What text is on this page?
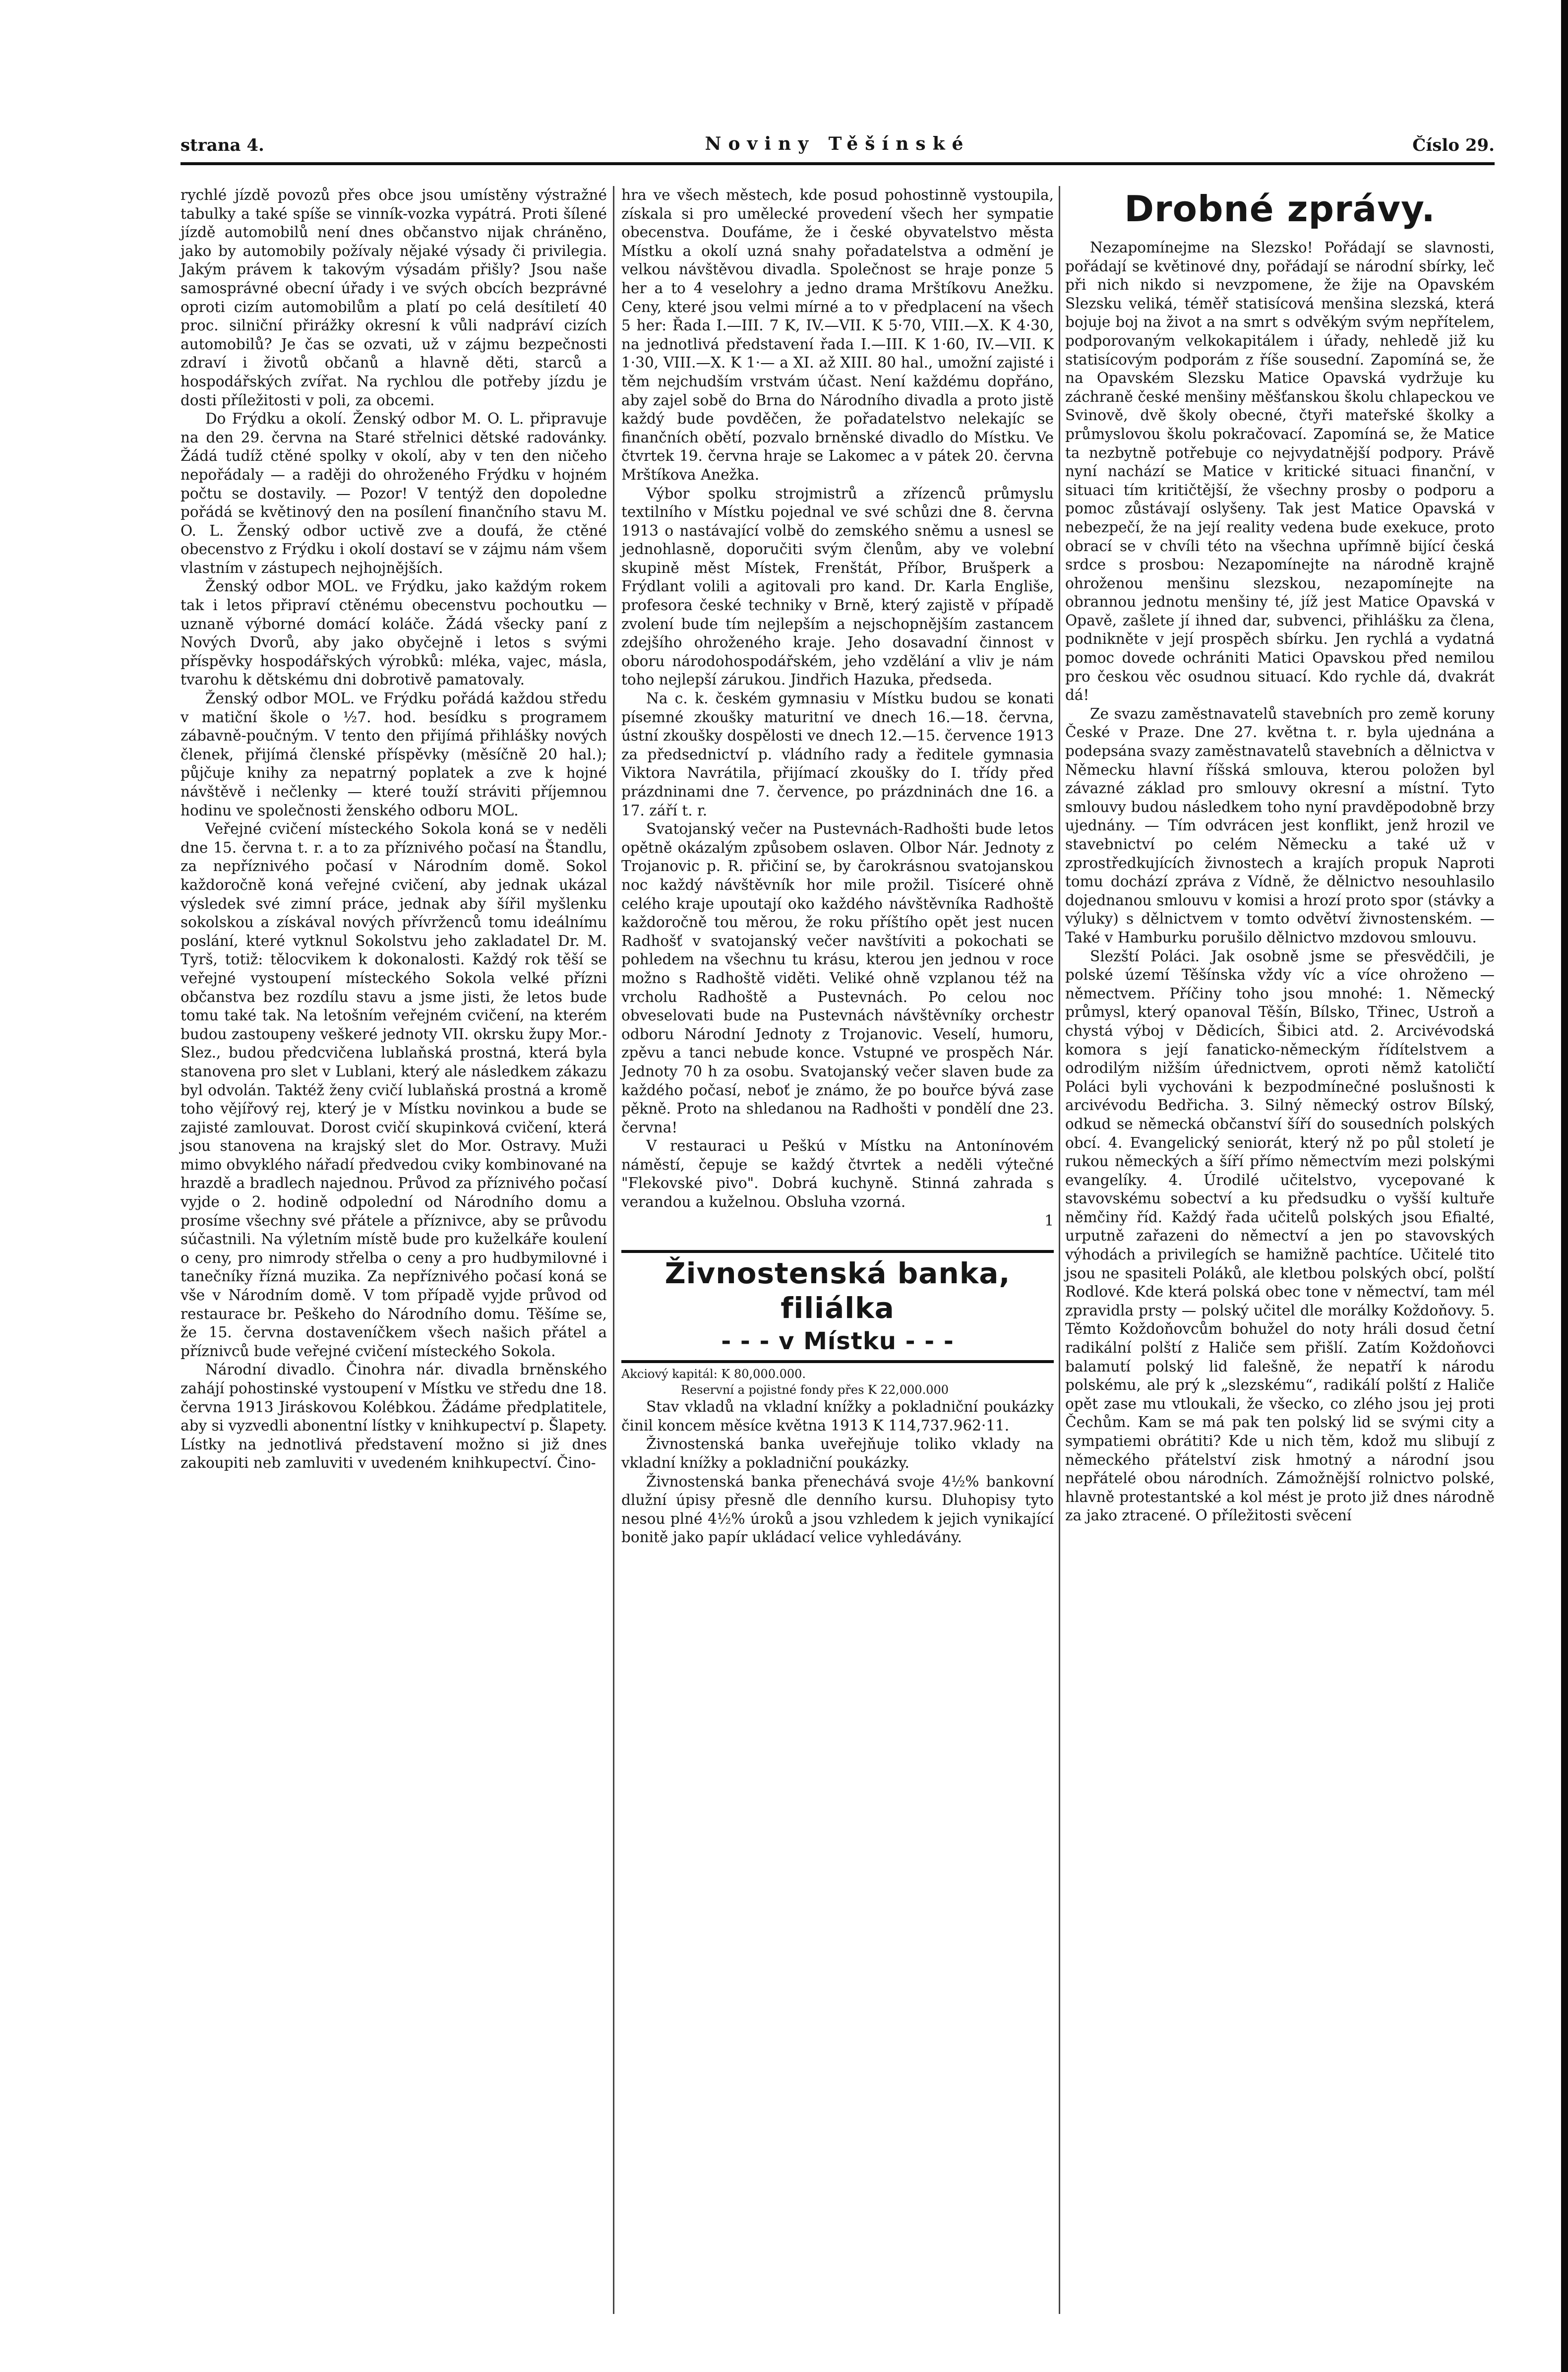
strana 4.	Noviny Těšínské	Číslo 29.

rychlé jízdě povozů přes obce jsou umístěny výstražné tabulky a také spíše se vinník-vozka vypátrá. Proti šílené jízdě automobilů není dnes občanstvo nijak chráněno, jako by automobily požívaly nějaké výsady či privilegia. Jakým právem k takovým výsadám přišly? Jsou naše samosprávné obecní úřady i ve svých obcích bezprávné oproti cizím automobilům a platí po celá desítiletí 40 proc. silniční přirážky okresní k vůli nadpráví cizích automobilů? Je čas se ozvati, už v zájmu bezpečnosti zdraví i životů občanů a hlavně děti, starců a hospodářských zvířat. Na rychlou dle potřeby jízdu je dosti příležitosti v poli, za obcemi.

Do Frýdku a okolí. Ženský odbor M. O. L. připravuje na den 29. června na Staré střelnici dětské radovánky. Žádá tudíž ctěné spolky v okolí, aby v ten den ničeho nepořádaly — a raději do ohroženého Frýdku v hojném počtu se dostavily. — Pozor! V tentýž den dopoledne pořádá se květinový den na posílení finančního stavu M. O. L. Ženský odbor uctivě zve a doufá, že ctěné obecenstvo z Frýdku i okolí dostaví se v zájmu nám všem vlastním v zástupech nejhojnějších.

Ženský odbor MOL. ve Frýdku, jako každým rokem tak i letos připraví ctěnému obecenstvu pochoutku — uznaně výborné domácí koláče. Žádá všecky paní z Nových Dvorů, aby jako obyčejně i letos s svými příspěvky hospodářských výrobků: mléka, vajec, másla, tvarohu k dětskému dni dobrotivě pamatovaly.

Ženský odbor MOL. ve Frýdku pořádá každou středu v matiční škole o ½7. hod. besídku s programem zábavně-poučným. V tento den přijímá přihlášky nových členek, přijímá členské příspěvky (měsíčně 20 hal.); půjčuje knihy za nepatrný poplatek a zve k hojné návštěvě i nečlenky — které touží stráviti příjemnou hodinu ve společnosti ženského odboru MOL.

Veřejné cvičení místeckého Sokola koná se v neděli dne 15. června t. r. a to za příznivého počasí na Štandlu, za nepříznivého počasí v Národním domě. Sokol každoročně koná veřejné cvičení, aby jednak ukázal výsledek své zimní práce, jednak aby šířil myšlenku sokolskou a získával nových přívrženců tomu ideálnímu poslání, které vytknul Sokolstvu jeho zakladatel Dr. M. Tyrš, totiž: tělocvikem k dokonalosti. Každý rok těší se veřejné vystoupení místeckého Sokola velké přízni občanstva bez rozdílu stavu a jsme jisti, že letos bude tomu také tak. Na letošním veřejném cvičení, na kterém budou zastoupeny veškeré jednoty VII. okrsku župy Mor.-Slez., budou předcvičena lublaňská prostná, která byla stanovena pro slet v Lublani, který ale následkem zákazu byl odvolán. Taktéž ženy cvičí lublaňská prostná a kromě toho vějířový rej, který je v Místku novinkou a bude se zajisté zamlouvat. Dorost cvičí skupinková cvičení, která jsou stanovena na krajský slet do Mor. Ostravy. Muži mimo obvyklého nářadí předvedou cviky kombinované na hrazdě a bradlech najednou. Průvod za příznivého počasí vyjde o 2. hodině odpolední od Národního domu a prosíme všechny své přátele a příznivce, aby se průvodu súčastnili. Na výletním místě bude pro kuželkáře koulení o ceny, pro nimrody střelba o ceny a pro hudbymilovné i tanečníky řízná muzika. Za nepříznivého počasí koná se vše v Národním domě. V tom případě vyjde průvod od restaurace br. Peškeho do Národního domu. Těšíme se, že 15. června dostaveníčkem všech našich přátel a příznivců bude veřejné cvičení místeckého Sokola.

Národní divadlo. Činohra nár. divadla brněnského zahájí pohostinské vystoupení v Místku ve středu dne 18. června 1913 Jiráskovou Kolébkou. Žádáme předplatitele, aby si vyzvedli abonentní lístky v knihkupectví p. Šlapety. Lístky na jednotlivá představení možno si již dnes zakoupiti neb zamluviti v uvedeném knihkupectví. Čino-

hra ve všech městech, kde posud pohostinně vystoupila, získala si pro umělecké provedení všech her sympatie obecenstva. Doufáme, že i české obyvatelstvo města Místku a okolí uzná snahy pořadatelstva a odmění je velkou návštěvou divadla. Společnost se hraje ponze 5 her a to 4 veselohry a jedno drama Mrštíkovu Anežku. Ceny, které jsou velmi mírné a to v předplacení na všech 5 her: Řada I.—III. 7 K, IV.—VII. K 5·70, VIII.—X. K 4·30, na jednotlivá představení řada I.—III. K 1·60, IV.—VII. K 1·30, VIII.—X. K 1·— a XI. až XIII. 80 hal., umožní zajisté i těm nejchudším vrstvám účast. Není každému dopřáno, aby zajel sobě do Brna do Národního divadla a proto jistě každý bude povděčen, že pořadatelstvo nelekajíc se finančních obětí, pozvalo brněnské divadlo do Místku. Ve čtvrtek 19. června hraje se Lakomec a v pátek 20. června Mrštíkova Anežka.

Výbor spolku strojmistrů a zřízenců průmyslu textilního v Místku pojednal ve své schůzi dne 8. června 1913 o nastávající volbě do zemského sněmu a usnesl se jednohlasně, doporučiti svým členům, aby ve volební skupině měst Místek, Frenštát, Příbor, Brušperk a Frýdlant volili a agitovali pro kand. Dr. Karla Engliše, profesora české techniky v Brně, který zajistě v případě zvolení bude tím nejlepším a nejschopnějším zastancem zdejšího ohroženého kraje. Jeho dosavadní činnost v oboru národohospodářském, jeho vzdělání a vliv je nám toho nejlepší zárukou. Jindřich Hazuka, předseda.

Na c. k. českém gymnasiu v Místku budou se konati písemné zkoušky maturitní ve dnech 16.—18. června, ústní zkoušky dospělosti ve dnech 12.—15. července 1913 za předsednictví p. vládního rady a ředitele gymnasia Viktora Navrátila, přijímací zkoušky do I. třídy před prázdninami dne 7. července, po prázdninách dne 16. a 17. září t. r.

Svatojanský večer na Pustevnách-Radhošti bude letos opětně okázalým způsobem oslaven. Olbor Nár. Jednoty z Trojanovic p. R. přičiní se, by čarokrásnou svatojanskou noc každý návštěvník hor mile prožil. Tisíceré ohně celého kraje upoutají oko každého návštěvníka Radhoště každoročně tou měrou, že roku příštího opět jest nucen Radhošť v svatojanský večer navštíviti a pokochati se pohledem na všechnu tu krásu, kterou jen jednou v roce možno s Radhoště viděti. Veliké ohně vzplanou též na vrcholu Radhoště a Pustevnách. Po celou noc obveselovati bude na Pustevnách návštěvníky orchestr odboru Národní Jednoty z Trojanovic. Veselí, humoru, zpěvu a tanci nebude konce. Vstupné ve prospěch Nár. Jednoty 70 h za osobu. Svatojanský večer slaven bude za každého počasí, neboť je známo, že po bouřce bývá zase pěkně. Proto na shledanou na Radhošti v pondělí dne 23. června!

V restauraci u Peškú v Místku na Antonínovém náměstí, čepuje se každý čtvrtek a neděli výtečné "Flekovské pivo". Dobrá kuchyně. Stinná zahrada s verandou a kuželnou. Obsluha vzorná.

1

Živnostenská banka, filiálka
- - - v Místku - - -

Akciový kapitál: K 80,000.000.

Reservní a pojistné fondy přes K 22,000.000

Stav vkladů na vkladní knížky a pokladniční poukázky činil koncem měsíce května 1913 K 114,737.962·11.

Živnostenská banka uveřejňuje toliko vklady na vkladní knížky a pokladniční poukázky.

Živnostenská banka přenechává svoje 4½% bankovní dlužní úpisy přesně dle denního kursu. Dluhopisy tyto nesou plné 4½% úroků a jsou vzhledem k jejich vynikající bonitě jako papír ukládací velice vyhledávány.

Drobné zprávy.

Nezapomínejme na Slezsko! Pořádají se slavnosti, pořádají se květinové dny, pořádají se národní sbírky, leč při nich nikdo si nevzpomene, že žije na Opavském Slezsku veliká, téměř statisícová menšina slezská, která bojuje boj na život a na smrt s odvěkým svým nepřítelem, podporovaným velkokapitálem i úřady, nehledě již ku statisícovým podporám z říše sousední. Zapomíná se, že na Opavském Slezsku Matice Opavská vydržuje ku záchraně české menšiny měšťanskou školu chlapeckou ve Svinově, dvě školy obecné, čtyři mateřské školky a průmyslovou školu pokračovací. Zapomíná se, že Matice ta nezbytně potřebuje co nejvydatnější podpory. Právě nyní nachází se Matice v kritické situaci finanční, v situaci tím kritičtější, že všechny prosby o podporu a pomoc zůstávají oslyšeny. Tak jest Matice Opavská v nebezpečí, že na její reality vedena bude exekuce, proto obrací se v chvíli této na všechna upřímně bijící česká srdce s prosbou: Nezapomínejte na národně krajně ohroženou menšinu slezskou, nezapomínejte na obrannou jednotu menšiny té, jíž jest Matice Opavská v Opavě, zašlete jí ihned dar, subvenci, přihlášku za člena, podnikněte v její prospěch sbírku. Jen rychlá a vydatná pomoc dovede ochrániti Matici Opavskou před nemilou pro českou věc osudnou situací. Kdo rychle dá, dvakrát dá!

Ze svazu zaměstnavatelů stavebních pro země koruny České v Praze. Dne 27. května t. r. byla ujednána a podepsána svazy zaměstnavatelů stavebních a dělnictva v Německu hlavní říšská smlouva, kterou položen byl závazné základ pro smlouvy okresní a místní. Tyto smlouvy budou následkem toho nyní pravděpodobně brzy ujednány. — Tím odvrácen jest konflikt, jenž hrozil ve stavebnictví po celém Německu a také už v zprostředkujících živnostech a krajích propuk Naproti tomu dochází zpráva z Vídně, že dělnictvo nesouhlasilo dojednanou smlouvu v komisi a hrozí proto spor (stávky a výluky) s dělnictvem v tomto odvětví živnostenském. — Také v Hamburku porušilo dělnictvo mzdovou smlouvu.

Slezští Poláci. Jak osobně jsme se přesvědčili, je polské území Těšínska vždy víc a více ohroženo — němectvem. Příčiny toho jsou mnohé: 1. Německý průmysl, který opanoval Těšín, Bílsko, Třinec, Ustroň a chystá výboj v Dědicích, Šibici atd. 2. Arcivévodská komora s její fanaticko-německým řídítelstvem a odrodilým nižším úřednictvem, oproti němž katoličtí Poláci byli vychováni k bezpodmínečné poslušnosti k arcivévodu Bedřicha. 3. Silný německý ostrov Bílský, odkud se německá občanství šíří do sousedních polských obcí. 4. Evangelický seniorát, který nž po půl století je rukou německých a šíří přímo němectvím mezi polskými evangelíky. 4. Úrodilé učitelstvo, vycepované k stavovskému sobectví a ku předsudku o vyšší kultuře němčiny říd. Každý řada učitelů polských jsou Efialté, urputně zařazeni do němectví a jen po stavovských výhodách a privilegích se hamižně pachtíce. Učitelé tito jsou ne spasiteli Poláků, ale kletbou polských obcí, polští Rodlové. Kde která polská obec tone v němectví, tam mél zpravidla prsty — polský učitel dle morálky Koždoňovy. 5. Těmto Koždoňovcům bohužel do noty hráli dosud četní radikální polští z Haliče sem přišlí. Zatím Koždoňovci balamutí polský lid falešně, že nepatří k národu polskému, ale prý k „slezskému“, radikálí polští z Haliče opět zase mu vtloukali, že všecko, co zlého jsou jej proti Čechům. Kam se má pak ten polský lid se svými city a sympatiemi obrátiti? Kde u nich těm, kdož mu slibují z německého přátelství zisk hmotný a národní jsou nepřátelé obou národních. Zámožnější rolnictvo polské, hlavně protestantské a kol mést je proto již dnes národně za jako ztracené. O příležitosti svěcení
